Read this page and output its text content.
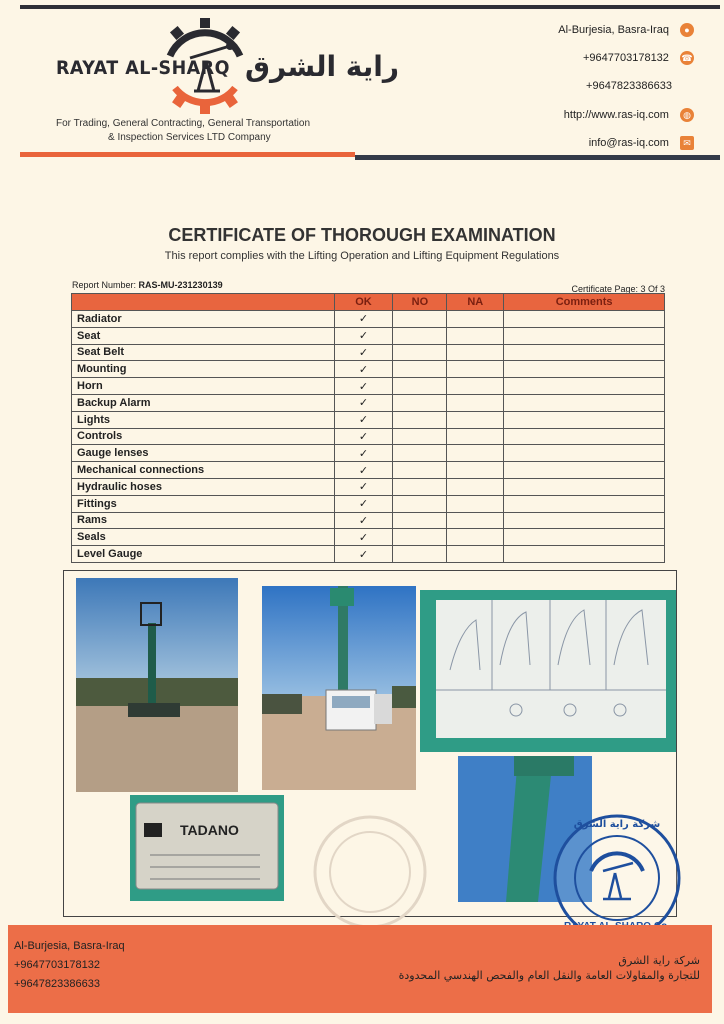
RAYAT AL-SHARQ راية الشرق
For Trading, General Contracting, General Transportation
& Inspection Services LTD Company
Al-Burjesia, Basra-Iraq ●
+9647703178132 ☎
+9647823386633
http://www.ras-iq.com ◍
info@ras-iq.com ✉
CERTIFICATE OF THOROUGH EXAMINATION
This report complies with the Lifting Operation and Lifting Equipment Regulations
Report Number: RAS-MU-231230139	Certificate Page: 3 Of 3
	OK	NO	NA	Comments
Radiator	✓			
Seat	✓			
Seat Belt	✓			
Mounting	✓			
Horn	✓			
Backup Alarm	✓			
Lights	✓			
Controls	✓			
Gauge lenses	✓			
Mechanical connections	✓			
Hydraulic hoses	✓			
Fittings	✓			
Rams	✓			
Seals	✓			
Level Gauge	✓			
TADANO	شركة راية الشرق
Al-Burjesia, Basra-Iraq
+9647703178132
+9647823386633
شركة راية الشرق
للتجارة والمقاولات العامة والنقل العام والفحص الهندسي المحدودة
